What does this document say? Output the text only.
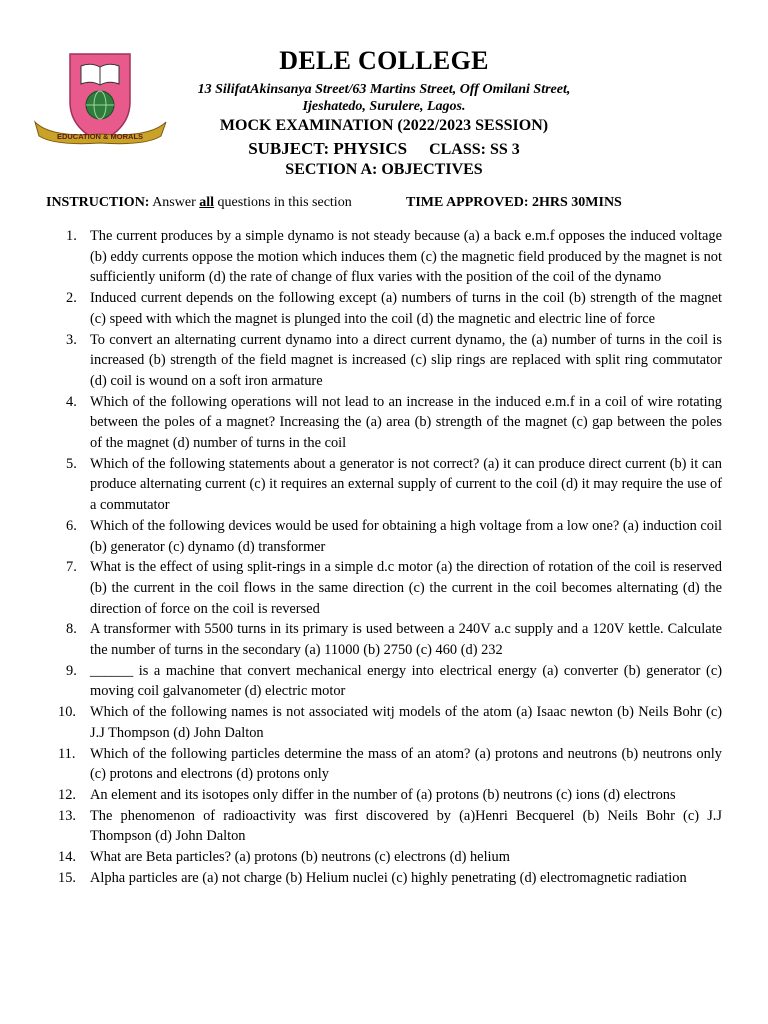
EDUCATION & MORALS
DELE COLLEGE
13 SilifatAkinsanya Street/63 Martins Street, Off Omilani Street,
Ijeshatedo, Surulere, Lagos.
MOCK EXAMINATION (2022/2023 SESSION)
SUBJECT: PHYSICS CLASS: SS 3
SECTION A: OBJECTIVES
INSTRUCTION: Answer all questions in this section	TIME APPROVED: 2HRS 30MINS
1. The current produces by a simple dynamo is not steady because (a) a back e.m.f opposes the induced voltage (b) eddy currents oppose the motion which induces them (c) the magnetic field produced by the magnet is not sufficiently uniform (d) the rate of change of flux varies with the position of the coil of the dynamo
2. Induced current depends on the following except (a) numbers of turns in the coil (b) strength of the magnet (c) speed with which the magnet is plunged into the coil (d) the magnetic and electric line of force
3. To convert an alternating current dynamo into a direct current dynamo, the (a) number of turns in the coil is increased (b) strength of the field magnet is increased (c) slip rings are replaced with split ring commutator (d) coil is wound on a soft iron armature
4. Which of the following operations will not lead to an increase in the induced e.m.f in a coil of wire rotating between the poles of a magnet? Increasing the (a) area (b) strength of the magnet (c) gap between the poles of the magnet (d) number of turns in the coil
5. Which of the following statements about a generator is not correct? (a) it can produce direct current (b) it can produce alternating current (c) it requires an external supply of current to the coil (d) it may require the use of a commutator
6. Which of the following devices would be used for obtaining a high voltage from a low one? (a) induction coil (b) generator (c) dynamo (d) transformer
7. What is the effect of using split-rings in a simple d.c motor (a) the direction of rotation of the coil is reserved (b) the current in the coil flows in the same direction (c) the current in the coil becomes alternating (d) the direction of force on the coil is reversed
8. A transformer with 5500 turns in its primary is used between a 240V a.c supply and a 120V kettle. Calculate the number of turns in the secondary (a) 11000 (b) 2750 (c) 460 (d) 232
9. ______ is a machine that convert mechanical energy into electrical energy (a) converter (b) generator (c) moving coil galvanometer (d) electric motor
10. Which of the following names is not associated witj models of the atom (a) Isaac newton (b) Neils Bohr (c) J.J Thompson (d) John Dalton
11. Which of the following particles determine the mass of an atom? (a) protons and neutrons (b) neutrons only (c) protons and electrons (d) protons only
12. An element and its isotopes only differ in the number of (a) protons (b) neutrons (c) ions (d) electrons
13. The phenomenon of radioactivity was first discovered by (a)Henri Becquerel (b) Neils Bohr (c) J.J Thompson (d) John Dalton
14. What are Beta particles? (a) protons (b) neutrons (c) electrons (d) helium
15. Alpha particles are (a) not charge (b) Helium nuclei (c) highly penetrating (d) electromagnetic radiation
